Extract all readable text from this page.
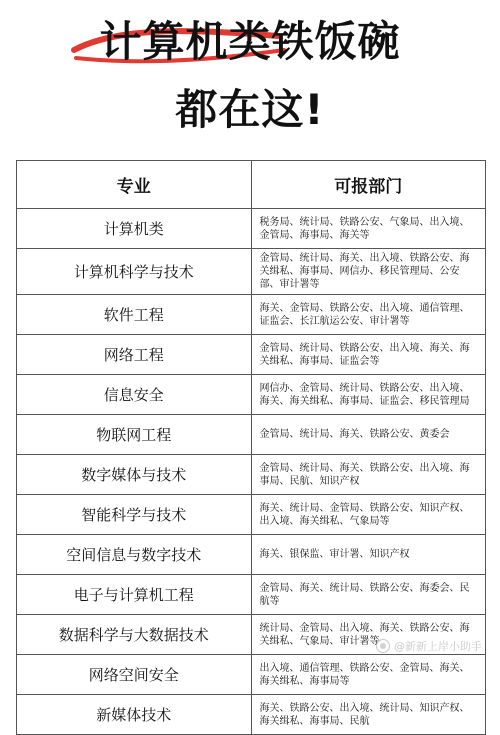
计算机类铁饭碗
都在这!
专业	可报部门
计算机类	税务局、统计局、铁路公安、气象局、出入境、金管局、海事局、海关等
计算机科学与技术	金管局、统计局、海关、出入境、铁路公安、海关缉私、海事局、网信办、移民管理局、公安部、审计署等
软件工程	海关、金管局、铁路公安、出入境、通信管理、证监会、长江航运公安、审计署等
网络工程	金管局、统计局、铁路公安、出入境、海关、海关缉私、海事局、证监会等
信息安全	网信办、金管局、统计局、铁路公安、出入境、海关、海关缉私、海事局、证监会、移民管理局
物联网工程	金管局、统计局、海关、铁路公安、黄委会
数字媒体与技术	金管局、统计局、海关、铁路公安、出入境、海事局、民航、知识产权
智能科学与技术	海关、统计局、金管局、铁路公安、知识产权、出入境、海关缉私、气象局等
空间信息与数字技术	海关、银保监、审计署、知识产权
电子与计算机工程	金管局、海关、统计局、铁路公安、海委会、民航等
数据科学与大数据技术	统计局、金管局、出入境、海关、铁路公安、海关缉私、气象局、审计署等
网络空间安全	出入境、通信管理、铁路公安、金管局、海关、海关缉私、海事局等
新媒体技术	海关、铁路公安、出入境、统计局、知识产权、海关缉私、海事局、民航
@新新上岸小助手
